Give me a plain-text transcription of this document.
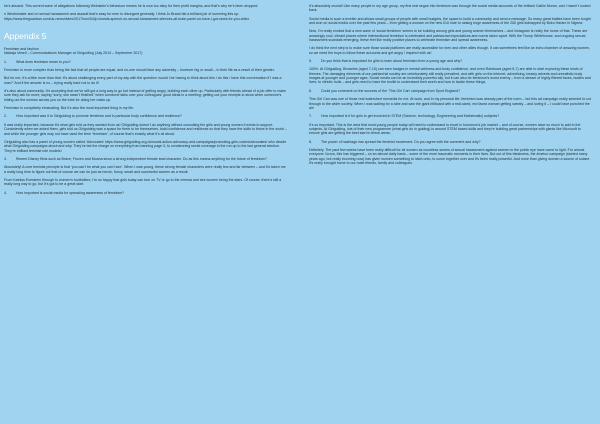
he’s abused. This current wave of allegations following Weinstein’s behaviour means he is now too risky for their profit margins, and that’s why he’s been dropped.

n Westminster and on sexual harassment and assault that’s easy for men to disregard generally. I think Jo Brand did a brilliant job of summing this up: https://www.theguardian.com/uk-news/video/2017/nov/04/jo-brands-speech-on-sexual-harassment-silences-all-male-panel-on-have-i-got-news-for-you-video

Appendix 5

Feminism and fashion

Natasja Vesell – Communications Manager at Girlguiding (July 2014 – September 2017)

1.	What does feminism mean to you?

Feminism is more complex than being the fact that all people are equal, and no-one should face any adversity – however big or small – in their life as a result of their gender.

But for me, it’s a little more than that. It’s about challenging every part of my day with the question ‘would I be having to think about this / do this / have this conversation if I was a man?’ And if the answer is no – trying really hard not to do it!

It’s also about community. It’s accepting that we’ve still got a long way to go but instead of getting angry, building each other up. Particularly with friends ahead of a job offer to make sure they ask for more; saying “sorry, she wasn’t finished” when someone talks over your colleagues’ good ideas in a meeting; getting out your receipts to show when someone’s hitting out the woman across you on the tube for doing her make-up.

Feminism is completely exhausting. But it’s also the most important thing in my life.

2.	How important was it to Girlguiding to promote feminism and in particular body confidence and resilience?

It was really important, because it’s what girls told us they wanted from us! Girlguiding doesn’t do anything without consulting the girls and young women it exists to support. Consistently when we asked them, girls told us Girlguiding was a space for them to be themselves, build confidence and resilience so that they have the skills to thrive in the world – and while the younger girls may not have used the term ‘feminism’, of course that’s exactly what it’s all about.

Girlguiding also has a panel of young women called ‘Advocates’ https://www.girlguiding.org.uk/social-action-advocacy-and-campaigns/promoting-girls-voices/advocates/ who decide what Girlguiding campaigns about and why. They’ve led the charge on everything from banning page 3, to condemning sexist coverage in the run up to the last general election. They’re brilliant feminist role models!

3.	Recent Disney films such as Brave, Frozen and Moana show a strong independent female lead character. Do as this means anything for the future of feminism?

Absolutely! A core feminist principle is that ‘you can’t be what you can’t see’. When I was young, these strong female characters were really few and far between – and it’s taken me a really long time to figure out that of course we can be just as heroic, funny, smart and successful women as a result.

From Katniss Everdeen through to women’s footballers, I’m so happy that girls today can turn on TV or go to the cinema and see women being the stars. Of course, there’s still a really long way to go, but it’s got to be a great start.

4.	How important is social media for spreading awareness of feminism?

It’s absolutely crucial! Like many people in my age group, my first real segue into feminism was through the social media accounts of the brilliant Caitlin Moran, and I haven’t looked back.

Social media is such a leveller and allows small groups of people with small budgets, the space to build a community and send a message. So many great battles have been fought and won on social media over the past few years – from getting a woman on the new £10 note to raising huge awareness of the 200 girls kidnapped by Boko Haram in Nigeria.

Now, I’m really excited that a new wave of ‘social feminism’ seems to be building among girls and young women themselves – and Instagram is really the home of that. These are amazingly cool, vibrant places where intersectional feminism is celebrated and patriarchal expectations and norms taken apart. With the Trump Whitehouse, and ongoing sexual harassment scandals emerging, these feel like really positive places to celebrate feminism and spread awareness.

I do think the next step is to make sure those social platforms are really accessible for men and other allies though. It can sometimes feel like an echo chamber of amazing women, so we need the boys to follow these accounts and get angry / inspired with us!

5.	Do you think that is important for girls to learn about feminism from a young age and why?

100%. At Girlguiding, Brownies (aged 7-10) can earn badges in mental wellness and body confidence, and even Rainbows (aged 5-7) are able to start exploring these kinds of themes. The damaging elements of our patriarchal society are unfortunately still really prevalent, and with girls on the internet, advertising, beauty adverts and unrealistic body images at younger and younger ages. Social media can be an incredibly powerful ally, but it can also be feminism’s worst enemy – from a stream of highly filtered faces, bodies and lives; to vitriolic trolls – and girls need to have the toolkit to understand their worth and how to tackle these things.

6.	Could you comment on the success of the ‘This Girl Can’ campaign from Sport England?

This Girl Can was one of those real watershed moments for me. At work, and in my personal life, feminism was already part of the norm – but this ad campaign really seemed to cut through to the wider society. When I was waiting for a tube and saw the giant billboard with a real-sized, red faced woman getting sweaty – and loving it – I could have punched the air!

7.	How important is it for girls to get involved in STEM (Science, technology, Engineering and Mathematic) subjects?

It’s so important. This is the area that most young people today will need to understand to excel in tomorrow’s job market – and of course, women have so much to add to the subjects. At Girlguiding, lots of their new programme (what girls do in guiding) is around STEM based skills and they’re building great partnerships with giants like Microsoft to ensure girls are getting the best start in these areas.

8.	The power of hashtags has spread the feminist movement. Do you agree with the comment and why?

Definitely. The past few weeks have been really difficult for all women as countless stories of sexual harassment against women in the public eye have come to light. For almost everyone I know, this has triggered – on an almost daily basis – some of the more traumatic moments in their lives. But out of this bleakness, the #metoo campaign (started many years ago, but really booming now) has given women something to latch onto, to come together over and it’s been really powerful. And more than giving women a source of solace, it’s really brought home to our male friends, family and colleagues
